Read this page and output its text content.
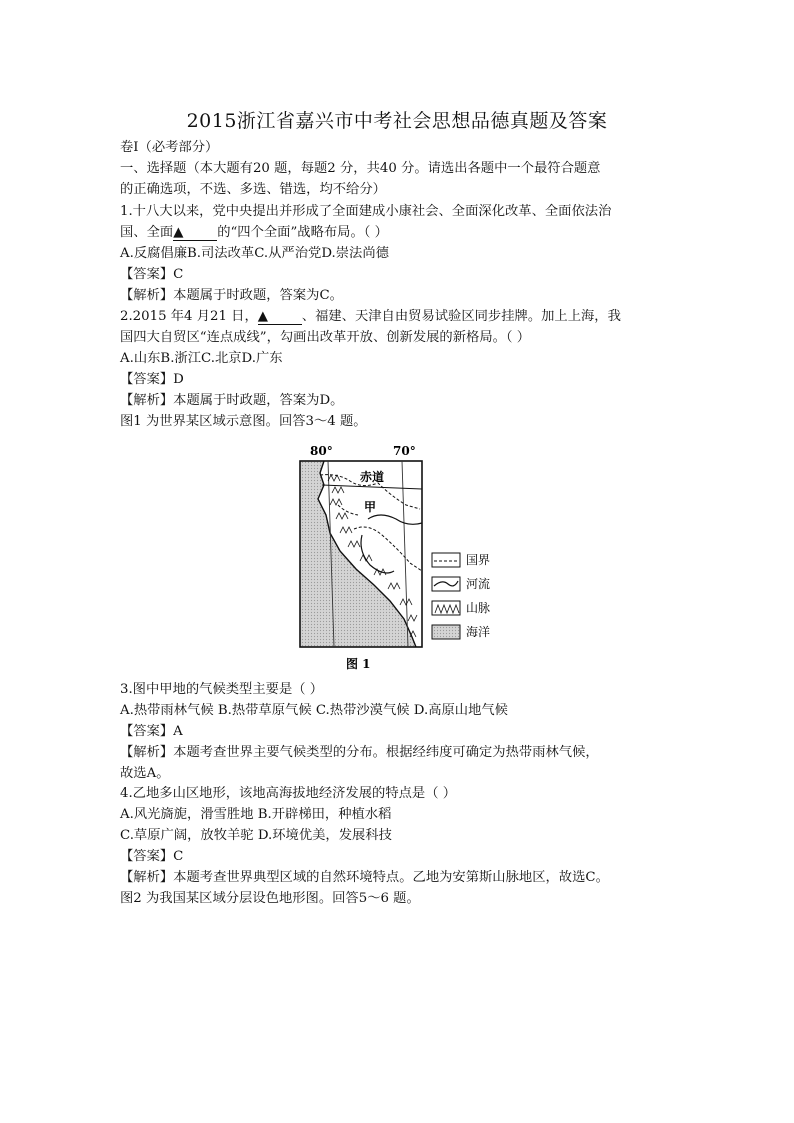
2015浙江省嘉兴市中考社会思想品德真题及答案
卷Ⅰ（必考部分）
一、选择题（本大题有20 题，每题2 分，共40 分。请选出各题中一个最符合题意
的正确选项，不选、多选、错选，均不给分）
1.十八大以来，党中央提出并形成了全面建成小康社会、全面深化改革、全面依法治
国、全面▲	的“四个全面”战略布局。（ ）
A.反腐倡廉B.司法改革C.从严治党D.崇法尚德
【答案】C
【解析】本题属于时政题，答案为C。
2.2015 年4 月21 日，▲	、福建、天津自由贸易试验区同步挂牌。加上上海，我
国四大自贸区“连点成线”，勾画出改革开放、创新发展的新格局。（ ）
A.山东B.浙江C.北京D.广东
【答案】D
【解析】本题属于时政题，答案为D。
图1 为世界某区域示意图。回答3～4 题。
80°	70°
赤道
甲
国界
河流
山脉
海洋
图 1
3.图中甲地的气候类型主要是（ ）
A.热带雨林气候 B.热带草原气候 C.热带沙漠气候 D.高原山地气候
【答案】A
【解析】本题考查世界主要气候类型的分布。根据经纬度可确定为热带雨林气候，
故选A。
4.乙地多山区地形，该地高海拔地经济发展的特点是（ ）
A.风光旖旎，滑雪胜地 B.开辟梯田，种植水稻
C.草原广阔，放牧羊驼 D.环境优美，发展科技
【答案】C
【解析】本题考查世界典型区域的自然环境特点。乙地为安第斯山脉地区，故选C。
图2 为我国某区域分层设色地形图。回答5～6 题。
